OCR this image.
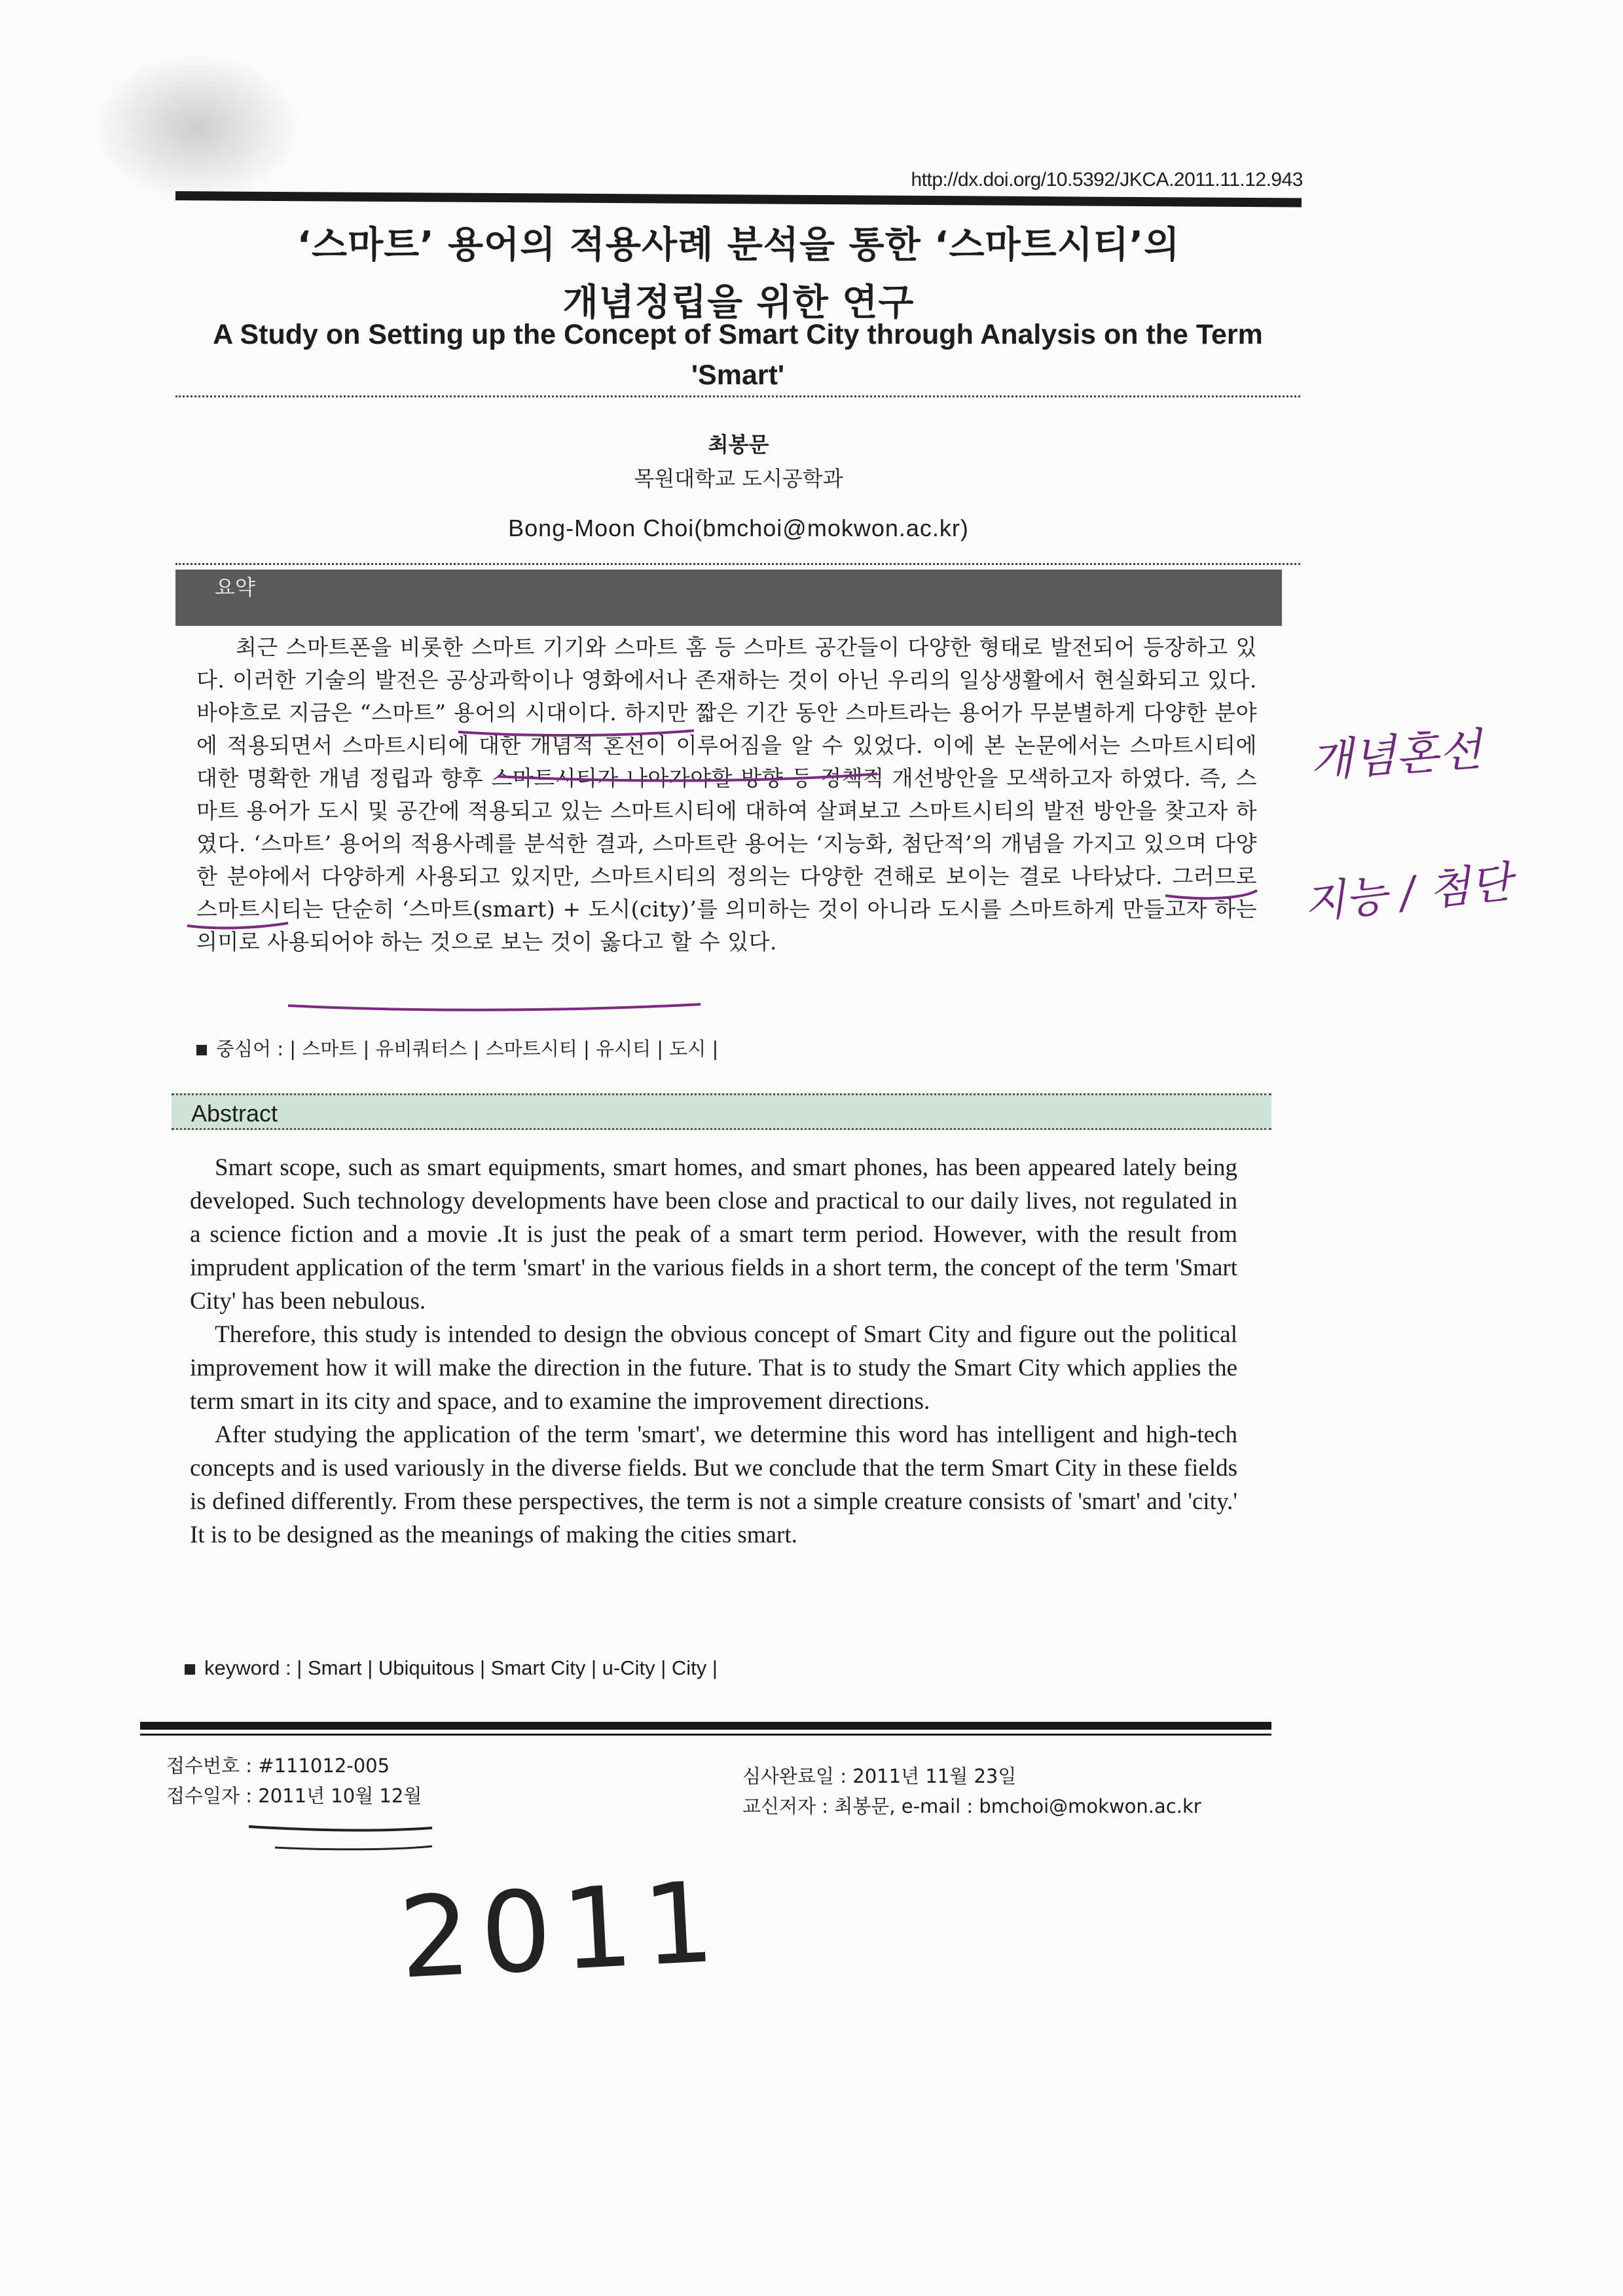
http://dx.doi.org/10.5392/JKCA.2011.11.12.943
‘스마트’ 용어의 적용사례 분석을 통한 ‘스마트시티’의
개념정립을 위한 연구
A Study on Setting up the Concept of Smart City through Analysis on the Term
'Smart'
최봉문
목원대학교 도시공학과
Bong-Moon Choi(bmchoi@mokwon.ac.kr)
요약
최근 스마트폰을 비롯한 스마트 기기와 스마트 홈 등 스마트 공간들이 다양한 형태로 발전되어 등장하고 있다. 이러한 기술의 발전은 공상과학이나 영화에서나 존재하는 것이 아닌 우리의 일상생활에서 현실화되고 있다. 바야흐로 지금은 “스마트” 용어의 시대이다. 하지만 짧은 기간 동안 스마트라는 용어가 무분별하게 다양한 분야에 적용되면서 스마트시티에 대한 개념적 혼선이 이루어짐을 알 수 있었다. 이에 본 논문에서는 스마트시티에 대한 명확한 개념 정립과 향후 스마트시티가 나아가야할 방향 등 정책적 개선방안을 모색하고자 하였다. 즉, 스마트 용어가 도시 및 공간에 적용되고 있는 스마트시티에 대하여 살펴보고 스마트시티의 발전 방안을 찾고자 하였다. ‘스마트’ 용어의 적용사례를 분석한 결과, 스마트란 용어는 ‘지능화, 첨단적’의 개념을 가지고 있으며 다양한 분야에서 다양하게 사용되고 있지만, 스마트시티의 정의는 다양한 견해로 보이는 결로 나타났다. 그러므로 스마트시티는 단순히 ‘스마트(smart) + 도시(city)’를 의미하는 것이 아니라 도시를 스마트하게 만들고자 하는 의미로 사용되어야 하는 것으로 보는 것이 옳다고 할 수 있다.
중심어 : | 스마트 | 유비쿼터스 | 스마트시티 | 유시티 | 도시 |
Abstract

Smart scope, such as smart equipments, smart homes, and smart phones, has been appeared lately being developed. Such technology developments have been close and practical to our daily lives, not regulated in a science fiction and a movie .It is just the peak of a smart term period. However, with the result from imprudent application of the term 'smart' in the various fields in a short term, the concept of the term 'Smart City' has been nebulous.

Therefore, this study is intended to design the obvious concept of Smart City and figure out the political improvement how it will make the direction in the future. That is to study the Smart City which applies the term smart in its city and space, and to examine the improvement directions.

After studying the application of the term 'smart', we determine this word has intelligent and high-tech concepts and is used variously in the diverse fields. But we conclude that the term Smart City in these fields is defined differently. From these perspectives, the term is not a simple creature consists of 'smart' and 'city.' It is to be designed as the meanings of making the cities smart.

keyword : | Smart | Ubiquitous | Smart City | u-City | City |
접수번호 : #111012-005
접수일자 : 2011년 10월 12월
심사완료일 : 2011년 11월 23일
교신저자 : 최봉문, e-mail : bmchoi@mokwon.ac.kr
개념혼선
지능 / 첨단
2011
